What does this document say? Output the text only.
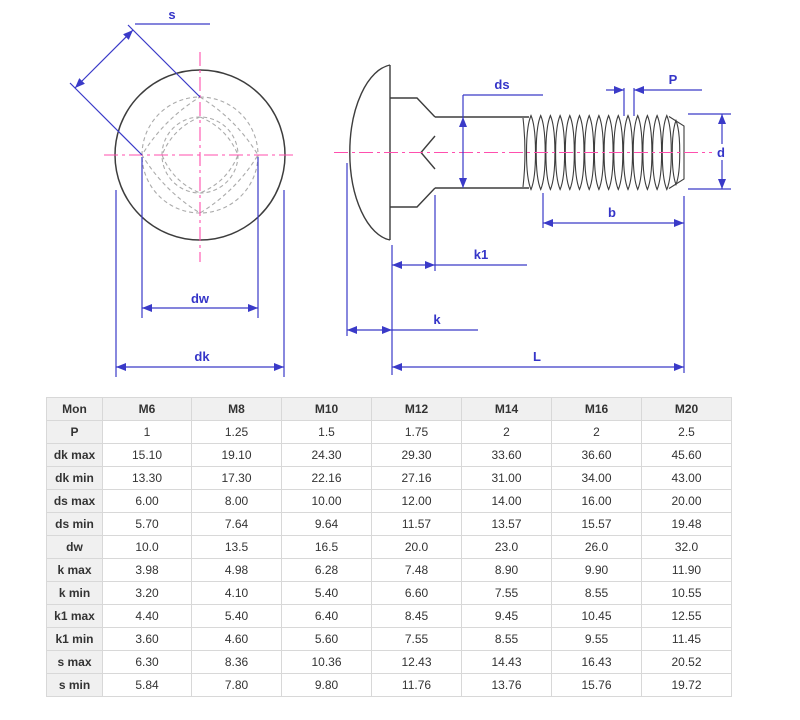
s
dw
dk
ds	P
d
b
k1
k
L
Mon	M6	M8	M10	M12	M14	M16	M20
P	1	1.25	1.5	1.75	2	2	2.5
dk max	15.10	19.10	24.30	29.30	33.60	36.60	45.60
dk min	13.30	17.30	22.16	27.16	31.00	34.00	43.00
ds max	6.00	8.00	10.00	12.00	14.00	16.00	20.00
ds min	5.70	7.64	9.64	11.57	13.57	15.57	19.48
dw	10.0	13.5	16.5	20.0	23.0	26.0	32.0
k max	3.98	4.98	6.28	7.48	8.90	9.90	11.90
k min	3.20	4.10	5.40	6.60	7.55	8.55	10.55
k1 max	4.40	5.40	6.40	8.45	9.45	10.45	12.55
k1 min	3.60	4.60	5.60	7.55	8.55	9.55	11.45
s max	6.30	8.36	10.36	12.43	14.43	16.43	20.52
s min	5.84	7.80	9.80	11.76	13.76	15.76	19.72
